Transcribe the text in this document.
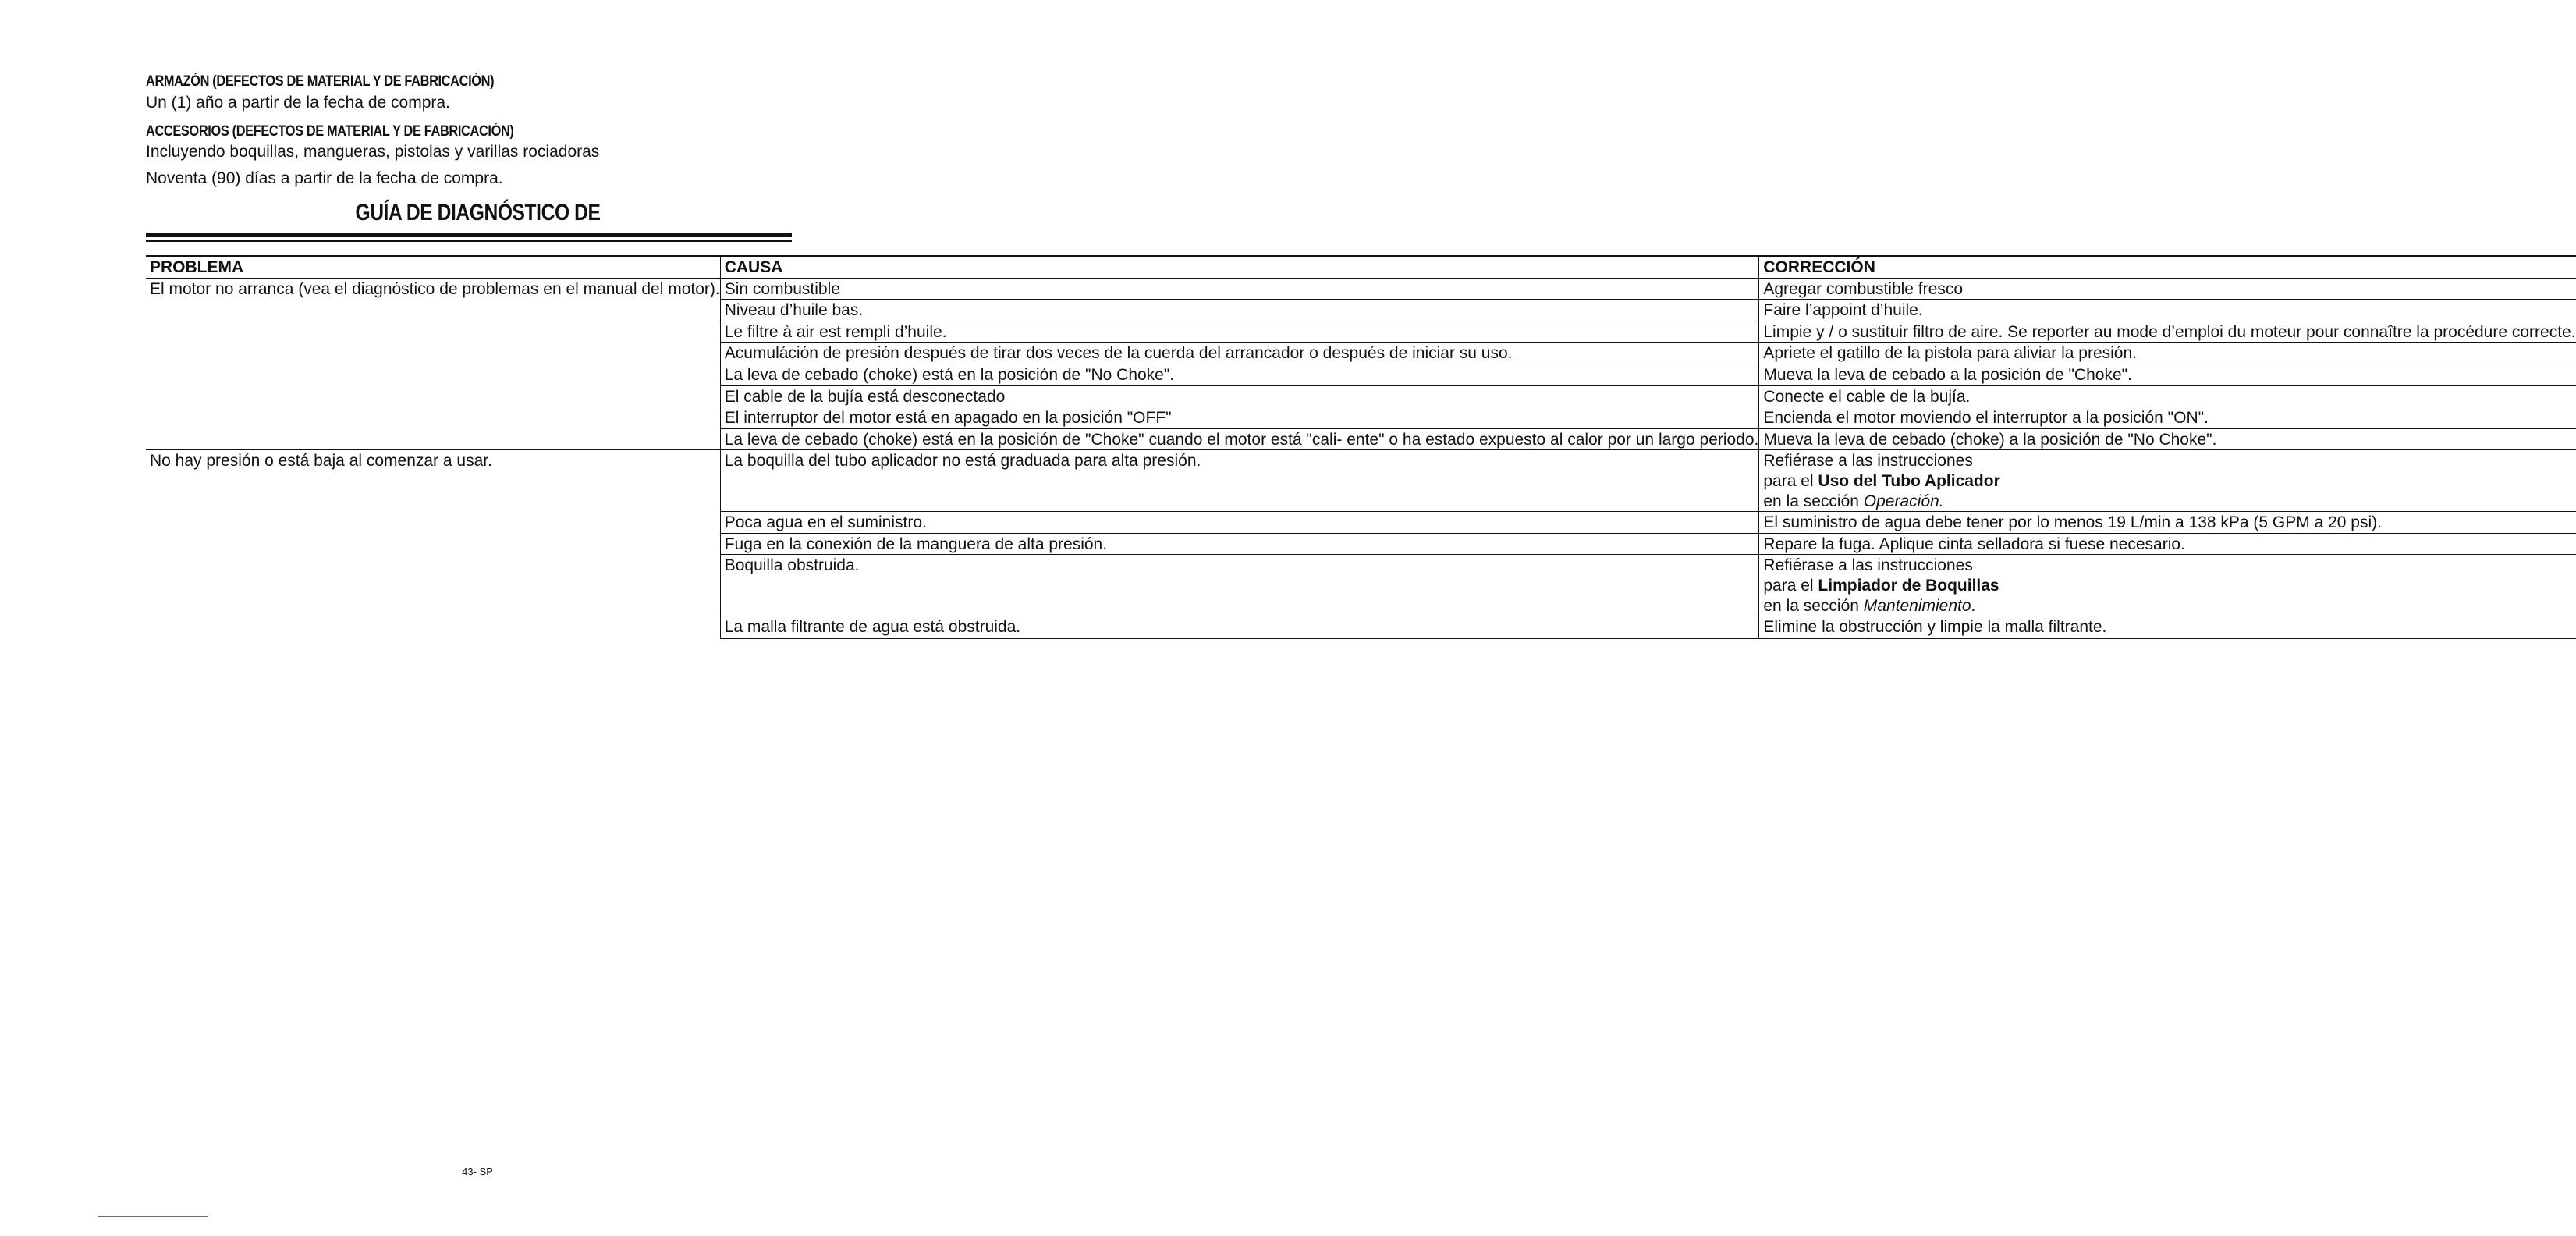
ARMAZÓN (DEFECTOS DE MATERIAL Y DE FABRICACIÓN)
Un (1) año a partir de la fecha de compra.
ACCESORIOS (DEFECTOS DE MATERIAL Y DE FABRICACIÓN)
Incluyendo boquillas, mangueras, pistolas y varillas rociadoras
Noventa (90) días a partir de la fecha de compra.
GUÍA DE DIAGNÓSTICO DE
PROBLEMA	CAUSA	CORRECCIÓN
El motor no arranca (vea el diagnóstico de problemas en el manual del motor).	Sin combustible	Agregar combustible fresco
	Niveau d’huile bas.	Faire l’appoint d’huile.
	Le filtre à air est rempli d’huile.	Limpie y / o sustituir filtro de aire. Se reporter au mode d’emploi du moteur pour connaître la procédure correcte.
	Acumuláción de presión después de tirar dos veces de la cuerda del arrancador o después de iniciar su uso.	Apriete el gatillo de la pistola para aliviar la presión.
	La leva de cebado (choke) está en la posición de "No Choke".	Mueva la leva de cebado a la posición de "Choke".
	El cable de la bujía está desconectado	Conecte el cable de la bujía.
	El interruptor del motor está en apagado en la posición "OFF"	Encienda el motor moviendo el interruptor a la posición "ON".
	La leva de cebado (choke) está en la posición de "Choke" cuando el motor está "cali- ente" o ha estado expuesto al calor por un largo periodo.	Mueva la leva de cebado (choke) a la posición de "No Choke".
No hay presión o está baja al comenzar a usar.	La boquilla del tubo aplicador no está graduada para alta presión.	Refiérase a las instrucciones
para el Uso del Tubo Aplicador
en la sección Operación.

	Poca agua en el suministro.	El suministro de agua debe tener por lo menos 19 L/min a 138 kPa (5 GPM a 20 psi).
	Fuga en la conexión de la manguera de alta presión.	Repare la fuga. Aplique cinta selladora si fuese necesario.
	Boquilla obstruida.	Refiérase a las instrucciones
para el Limpiador de Boquillas
en la sección Mantenimiento.

	La malla filtrante de agua está obstruida.	Elimine la obstrucción y limpie la malla filtrante.
43- SP
